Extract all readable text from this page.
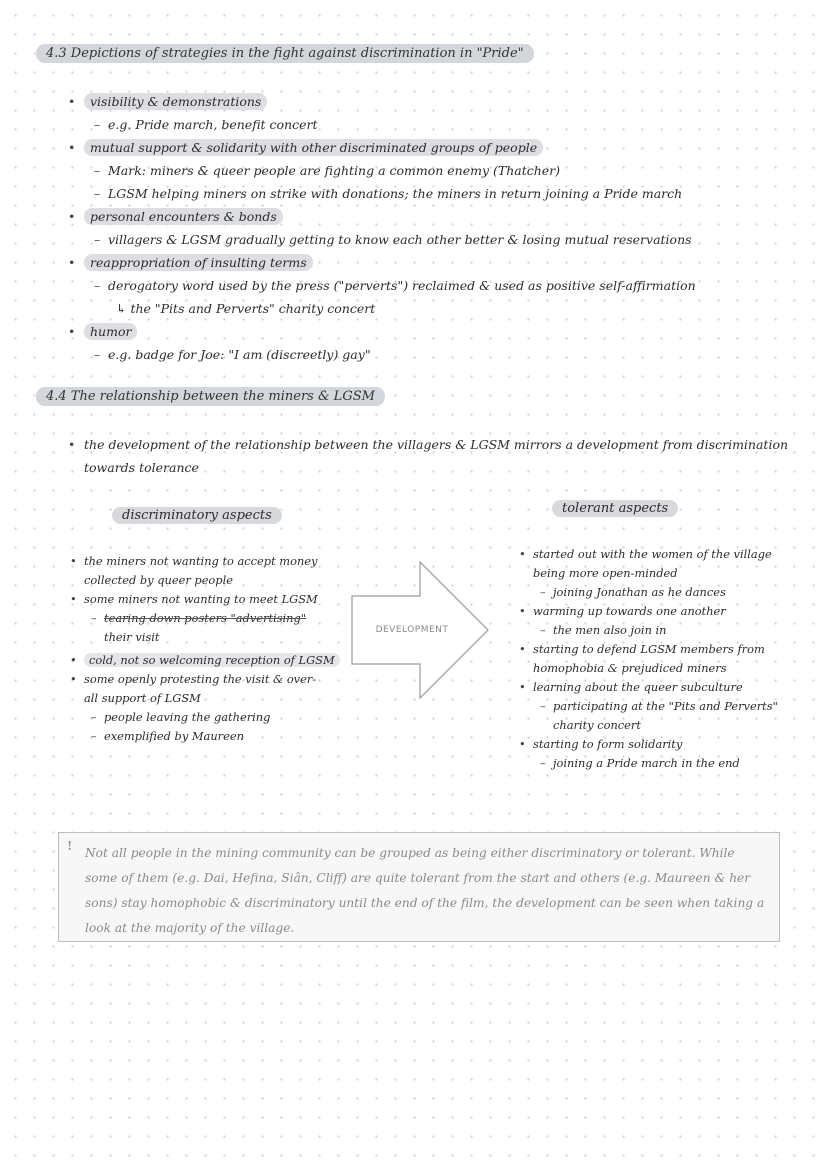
4.3 Depictions of strategies in the fight against discrimination in "Pride"
• visibility & demonstrations
– e.g. Pride march, benefit concert
• mutual support & solidarity with other discriminated groups of people
– Mark: miners & queer people are fighting a common enemy (Thatcher)
– LGSM helping miners on strike with donations; the miners in return joining a Pride march
• personal encounters & bonds
– villagers & LGSM gradually getting to know each other better & losing mutual reservations
• reappropriation of insulting terms
– derogatory word used by the press ("perverts") reclaimed & used as positive self-affirmation
↳ the "Pits and Perverts" charity concert
• humor
– e.g. badge for Joe: "I am (discreetly) gay"
4.4 The relationship between the miners & LGSM
• the development of the relationship between the villagers & LGSM mirrors a development from discrimination
towards tolerance
discriminatory aspects	tolerant aspects
• the miners not wanting to accept money
collected by queer people
• some miners not wanting to meet LGSM
– tearing down posters "advertising"
their visit
• cold, not so welcoming reception of LGSM
• some openly protesting the visit & over-
all support of LGSM
– people leaving the gathering
– exemplified by Maureen
DEVELOPMENT
• started out with the women of the village
being more open-minded
– joining Jonathan as he dances
• warming up towards one another
– the men also join in
• starting to defend LGSM members from
homophobia & prejudiced miners
• learning about the queer subculture
– participating at the "Pits and Perverts"
charity concert
• starting to form solidarity
– joining a Pride march in the end
! Not all people in the mining community can be grouped as being either discriminatory or tolerant. While some of them (e.g. Dai, Hefina, Siân, Cliff) are quite tolerant from the start and others (e.g. Maureen & her sons) stay homophobic & discriminatory until the end of the film, the development can be seen when taking a look at the majority of the village.
